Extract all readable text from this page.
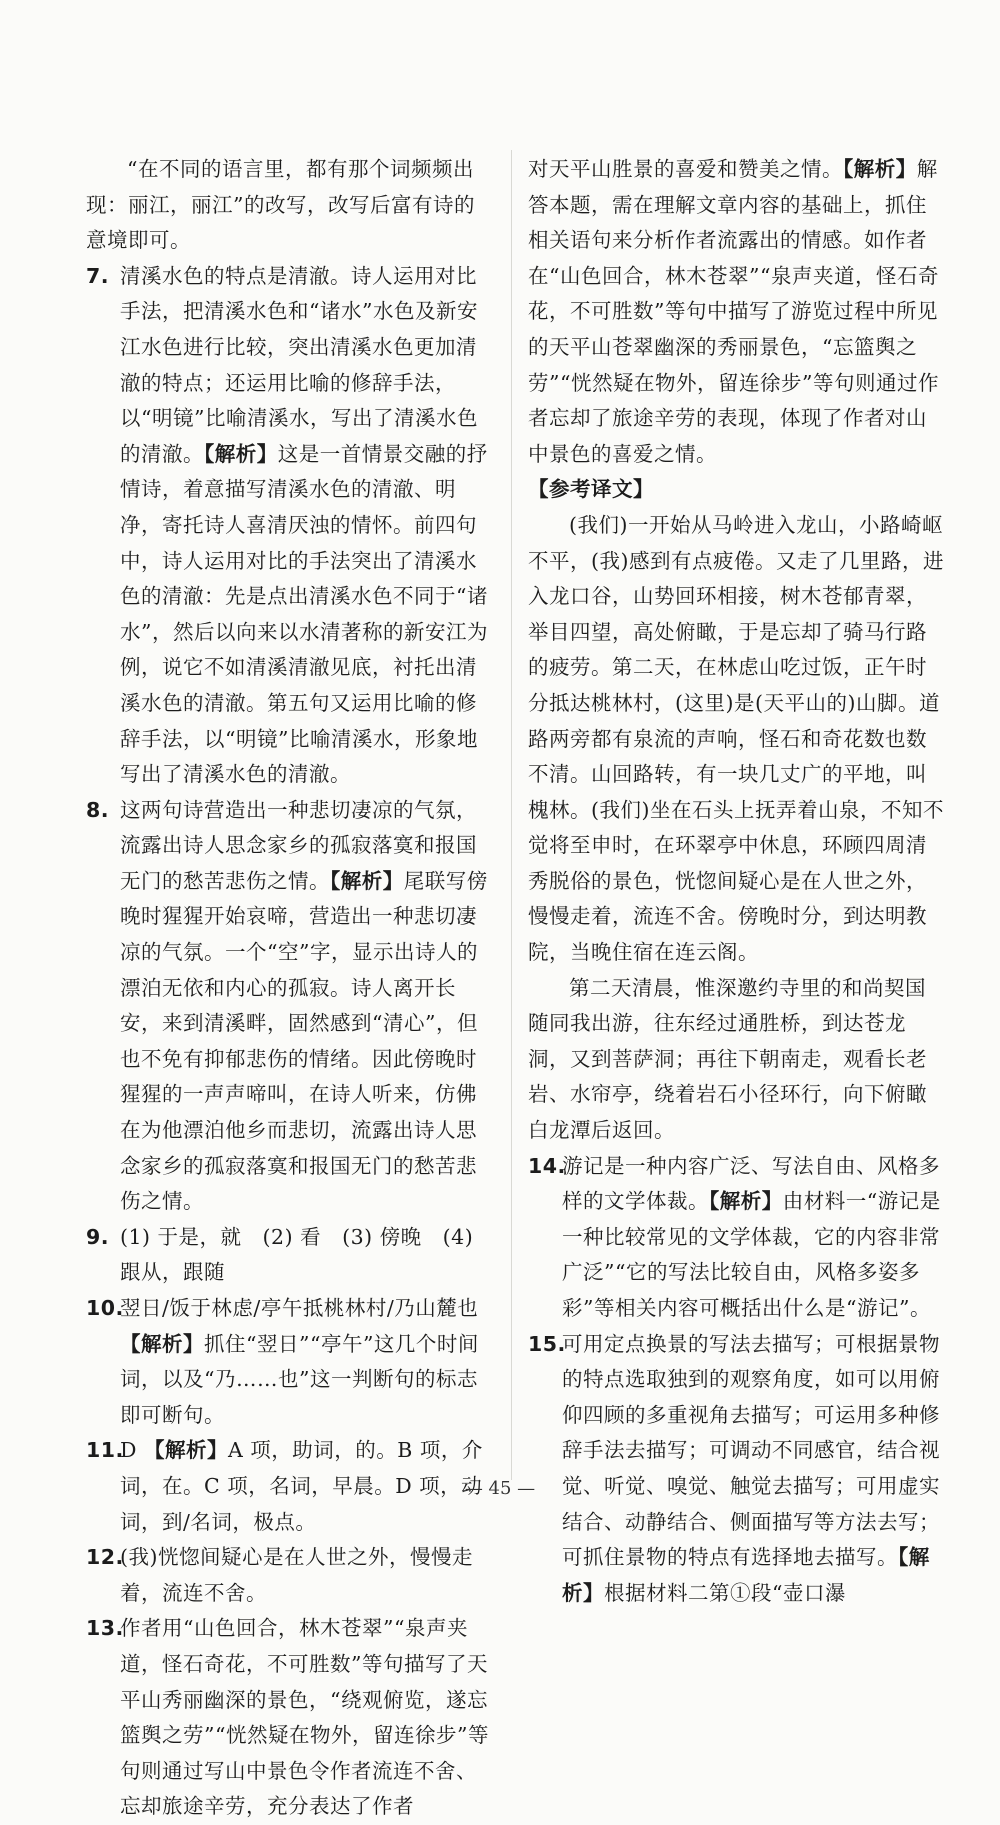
“在不同的语言里，都有那个词频频出现：丽江，丽江”的改写，改写后富有诗的意境即可。

7. 清溪水色的特点是清澈。诗人运用对比手法，把清溪水色和“诸水”水色及新安江水色进行比较，突出清溪水色更加清澈的特点；还运用比喻的修辞手法，以“明镜”比喻清溪水，写出了清溪水色的清澈。【解析】这是一首情景交融的抒情诗，着意描写清溪水色的清澈、明净，寄托诗人喜清厌浊的情怀。前四句中，诗人运用对比的手法突出了清溪水色的清澈：先是点出清溪水色不同于“诸水”，然后以向来以水清著称的新安江为例，说它不如清溪清澈见底，衬托出清溪水色的清澈。第五句又运用比喻的修辞手法，以“明镜”比喻清溪水，形象地写出了清溪水色的清澈。
8. 这两句诗营造出一种悲切凄凉的气氛，流露出诗人思念家乡的孤寂落寞和报国无门的愁苦悲伤之情。【解析】尾联写傍晚时猩猩开始哀啼，营造出一种悲切凄凉的气氛。一个“空”字，显示出诗人的漂泊无依和内心的孤寂。诗人离开长安，来到清溪畔，固然感到“清心”，但也不免有抑郁悲伤的情绪。因此傍晚时猩猩的一声声啼叫，在诗人听来，仿佛在为他漂泊他乡而悲切，流露出诗人思念家乡的孤寂落寞和报国无门的愁苦悲伤之情。
9. (1) 于是，就　(2) 看　(3) 傍晚　(4) 跟从，跟随
10.翌日/饭于林虑/亭午抵桃林村/乃山麓也【解析】抓住“翌日”“亭午”这几个时间词，以及“乃……也”这一判断句的标志即可断句。
11.D 【解析】A 项，助词，的。B 项，介词，在。C 项，名词，早晨。D 项，动词，到/名词，极点。
12.(我)恍惚间疑心是在人世之外，慢慢走着，流连不舍。
13.作者用“山色回合，林木苍翠”“泉声夹道，怪石奇花，不可胜数”等句描写了天平山秀丽幽深的景色，“绕观俯览，遂忘篮舆之劳”“恍然疑在物外，留连徐步”等句则通过写山中景色令作者流连不舍、忘却旅途辛劳，充分表达了作者

对天平山胜景的喜爱和赞美之情。【解析】解答本题，需在理解文章内容的基础上，抓住相关语句来分析作者流露出的情感。如作者在“山色回合，林木苍翠”“泉声夹道，怪石奇花，不可胜数”等句中描写了游览过程中所见的天平山苍翠幽深的秀丽景色，“忘篮舆之劳”“恍然疑在物外，留连徐步”等句则通过作者忘却了旅途辛劳的表现，体现了作者对山中景色的喜爱之情。

【参考译文】

(我们)一开始从马岭进入龙山，小路崎岖不平，(我)感到有点疲倦。又走了几里路，进入龙口谷，山势回环相接，树木苍郁青翠，举目四望，高处俯瞰，于是忘却了骑马行路的疲劳。第二天，在林虑山吃过饭，正午时分抵达桃林村，(这里)是(天平山的)山脚。道路两旁都有泉流的声响，怪石和奇花数也数不清。山回路转，有一块几丈广的平地，叫槐林。(我们)坐在石头上抚弄着山泉，不知不觉将至申时，在环翠亭中休息，环顾四周清秀脱俗的景色，恍惚间疑心是在人世之外，慢慢走着，流连不舍。傍晚时分，到达明教院，当晚住宿在连云阁。

第二天清晨，惟深邀约寺里的和尚契国随同我出游，往东经过通胜桥，到达苍龙洞，又到菩萨洞；再往下朝南走，观看长老岩、水帘亭，绕着岩石小径环行，向下俯瞰白龙潭后返回。

14.游记是一种内容广泛、写法自由、风格多样的文学体裁。【解析】由材料一“游记是一种比较常见的文学体裁，它的内容非常广泛”“它的写法比较自由，风格多姿多彩”等相关内容可概括出什么是“游记”。
15.可用定点换景的写法去描写；可根据景物的特点选取独到的观察角度，如可以用俯仰四顾的多重视角去描写；可运用多种修辞手法去描写；可调动不同感官，结合视觉、听觉、嗅觉、触觉去描写；可用虚实结合、动静结合、侧面描写等方法去写；可抓住景物的特点有选择地去描写。【解析】根据材料二第①段“壶口瀑
— 45 —
